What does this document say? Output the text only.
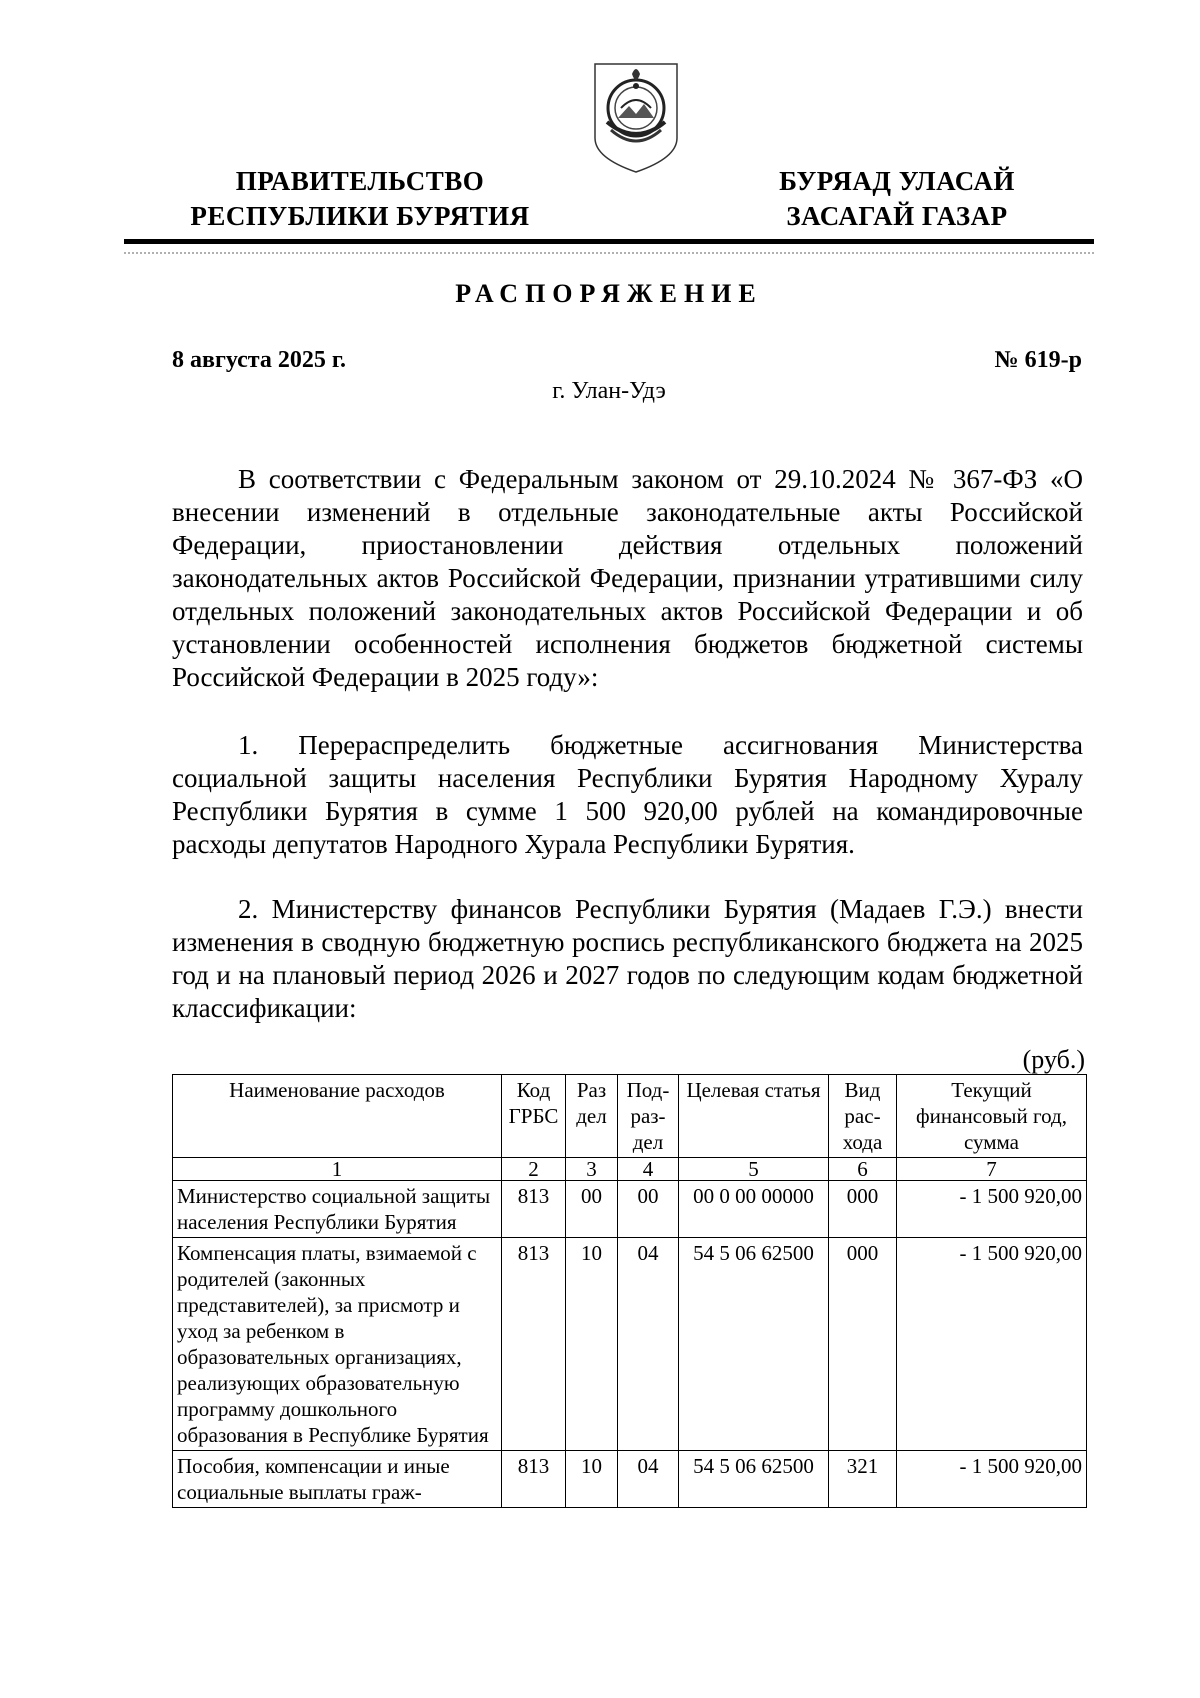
ПРАВИТЕЛЬСТВО
РЕСПУБЛИКИ БУРЯТИЯ
БУРЯАД УЛАСАЙ
ЗАСАГАЙ ГАЗАР
РАСПОРЯЖЕНИЕ
8 августа 2025 г.	№ 619-р
г. Улан-Удэ

В соответствии с Федеральным законом от 29.10.2024 № 367-ФЗ «О внесении изменений в отдельные законодательные акты Российской Федерации, приостановлении действия отдельных положений законодательных актов Российской Федерации, признании утратившими силу отдельных положений законодательных актов Российской Федерации и об установлении особенностей исполнения бюджетов бюджетной системы Российской Федерации в 2025 году»:

1. Перераспределить бюджетные ассигнования Министерства социальной защиты населения Республики Бурятия Народному Хуралу Республики Бурятия в сумме 1 500 920,00 рублей на командировочные расходы депутатов Народного Хурала Республики Бурятия.

2. Министерству финансов Республики Бурятия (Мадаев Г.Э.) внести изменения в сводную бюджетную роспись республиканского бюджета на 2025 год и на плановый период 2026 и 2027 годов по следующим кодам бюджетной классификации:

(руб.)
Наименование расходов	Код ГРБС	Раз дел	Под-раз-дел	Целевая статья	Вид рас-хода	Текущий финансовый год, сумма
1	2	3	4	5	6	7
Министерство социальной защиты населения Республики Бурятия	813	00	00	00 0 00 00000	000	- 1 500 920,00
Компенсация платы, взимаемой с родителей (законных представителей), за присмотр и уход за ребенком в образовательных организациях, реализующих образовательную программу дошкольного образования в Республике Бурятия	813	10	04	54 5 06 62500	000	- 1 500 920,00
Пособия, компенсации и иные социальные выплаты граж-	813	10	04	54 5 06 62500	321	- 1 500 920,00
